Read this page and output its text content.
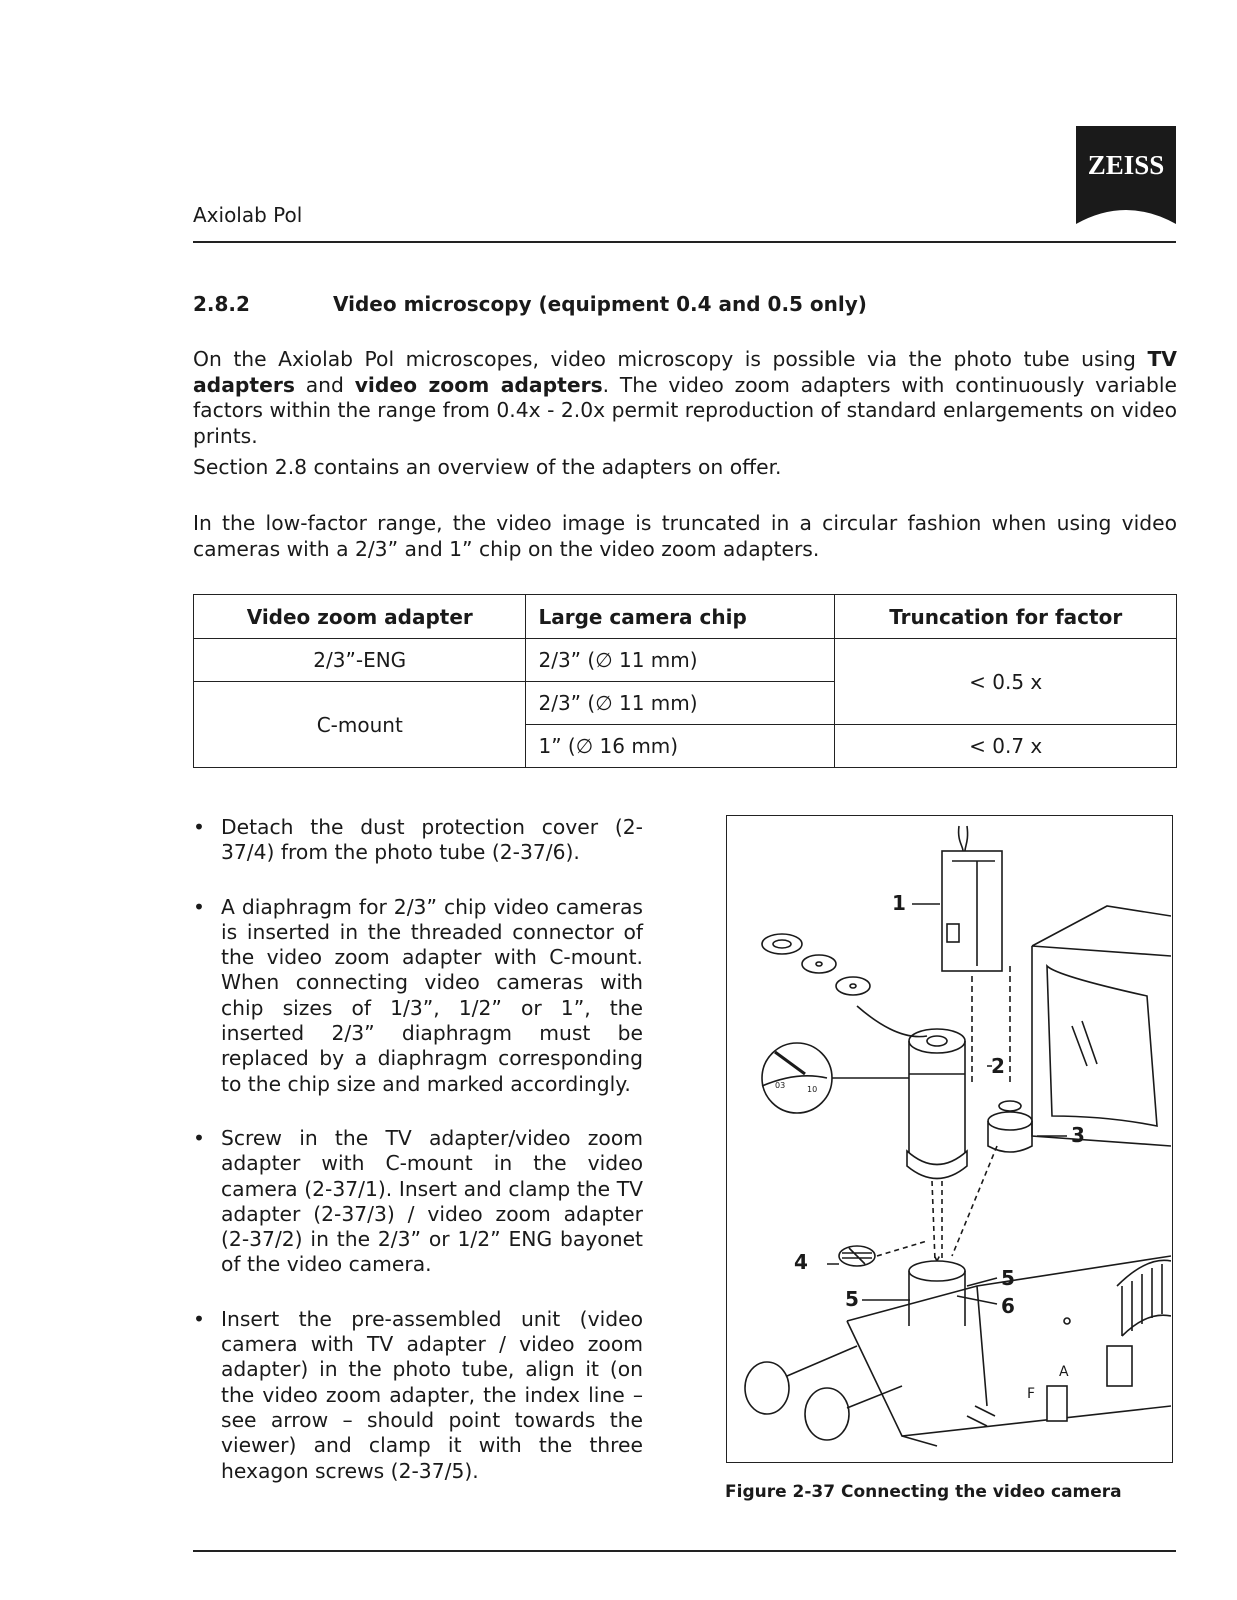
Axiolab Pol
ZEISS
2.8.2	Video microscopy (equipment 0.4 and 0.5 only)
On the Axiolab Pol microscopes, video microscopy is possible via the photo tube using TV adapters and video zoom adapters. The video zoom adapters with continuously variable factors within the range from 0.4x - 2.0x permit reproduction of standard enlargements on video prints.
Section 2.8 contains an overview of the adapters on offer.
In the low-factor range, the video image is truncated in a circular fashion when using video cameras with a 2/3” and 1” chip on the video zoom adapters.
Video zoom adapter	Large camera chip	Truncation for factor
2/3”-ENG	2/3” (∅ 11 mm)	< 0.5 x
C-mount	2/3” (∅ 11 mm)	
	1” (∅ 16 mm)	< 0.7 x
• Detach the dust protection cover (2-37/4) from the photo tube (2-37/6).
• A diaphragm for 2/3” chip video cameras is inserted in the threaded connector of the video zoom adapter with C-mount. When connecting video cameras with chip sizes of 1/3”, 1/2” or 1”, the inserted 2/3” diaphragm must be replaced by a diaphragm corresponding to the chip size and marked accordingly.
• Screw in the TV adapter/video zoom adapter with C-mount in the video camera (2-37/1). Insert and clamp the TV adapter (2-37/3) / video zoom adapter (2-37/2) in the 2/3” or 1/2” ENG bayonet of the video camera.
• Insert the pre-assembled unit (video camera with TV adapter / video zoom adapter) in the photo tube, align it (on the video zoom adapter, the index line – see arrow – should point towards the viewer) and clamp it with the three hexagon screws (2-37/5).
03	10
1
2
3
4
5
5	6
A
F
Figure 2-37 Connecting the video camera
